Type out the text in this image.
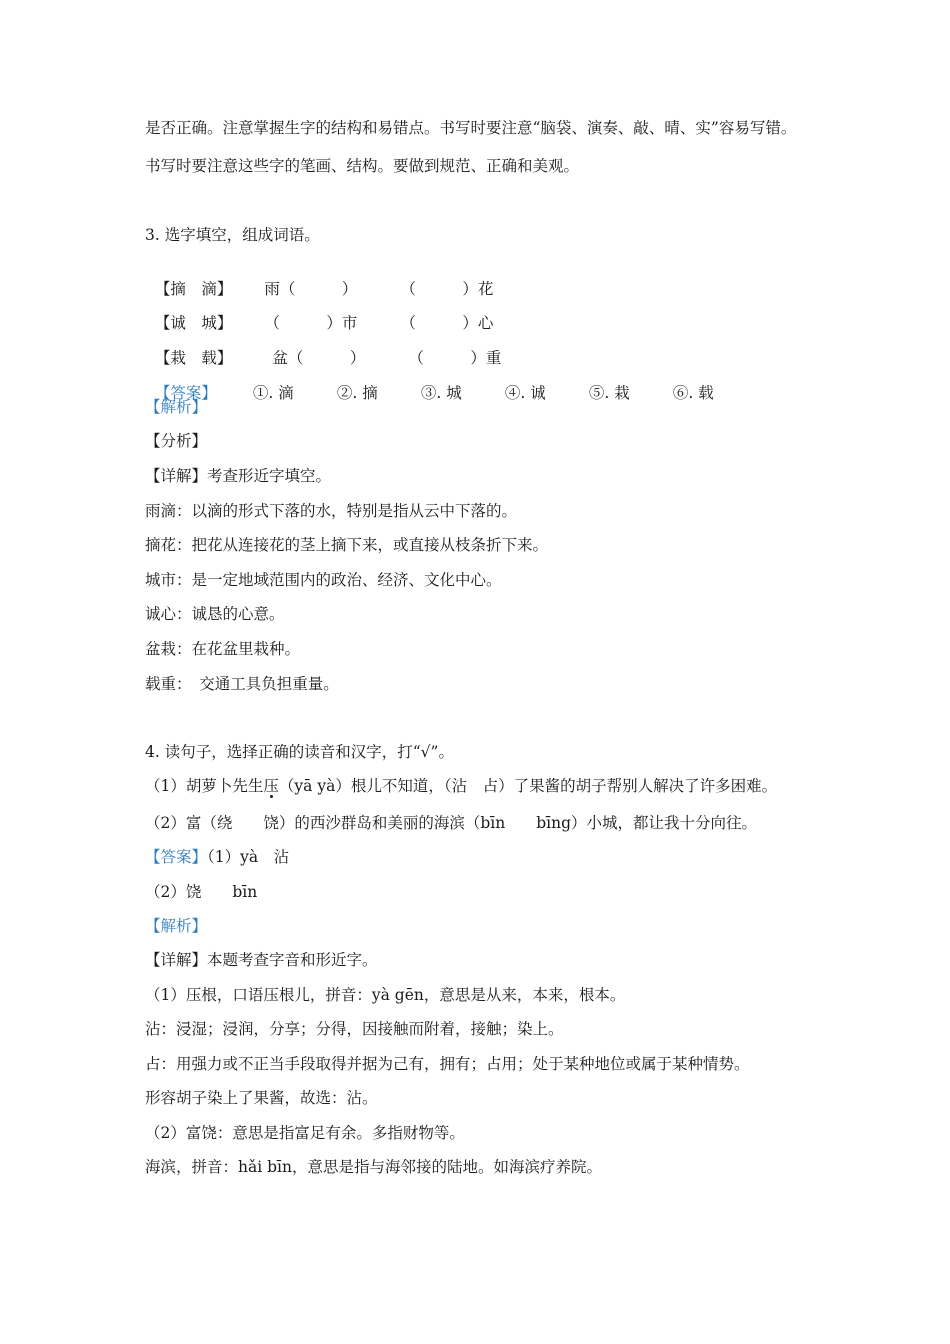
是否正确。注意掌握生字的结构和易错点。书写时要注意“脑袋、演奏、敲、晴、实”容易写错。
书写时要注意这些字的笔画、结构。要做到规范、正确和美观。
3. 选字填空，组成词语。

【摘　滴】 雨（　　　）	（　　　）花

【诚　城】 （　　　）市	（　　　）心

【栽　载】	盆（　　　）	（　　　）重

【答案】 ①. 滴	②. 摘	③. 城	④. 诚	⑤. 栽	⑥. 载

【解析】
【分析】
【详解】考查形近字填空。
雨滴：以滴的形式下落的水，特别是指从云中下落的。
摘花：把花从连接花的茎上摘下来，或直接从枝条折下来。
城市：是一定地域范围内的政治、经济、文化中心。
诚心：诚恳的心意。
盆栽：在花盆里栽种。
载重：　交通工具负担重量。
4. 读句子，选择正确的读音和汉字，打“√”。
（1）胡萝卜先生压（yā yà）根儿不知道，（沾　占）了果酱的胡子帮别人解决了许多困难。
（2）富（绕　　饶）的西沙群岛和美丽的海滨（bīn　　bīng）小城，都让我十分向往。
【答案】（1）yà　沾
（2）饶　　bīn
【解析】
【详解】本题考查字音和形近字。
（1）压根，口语压根儿，拼音：yà gēn，意思是从来，本来，根本。
沾：浸湿；浸润，分享；分得，因接触而附着，接触；染上。
占：用强力或不正当手段取得并据为己有，拥有；占用；处于某种地位或属于某种情势。
形容胡子染上了果酱，故选：沾。
（2）富饶：意思是指富足有余。多指财物等。
海滨，拼音：hǎi bīn，意思是指与海邻接的陆地。如海滨疗养院。
